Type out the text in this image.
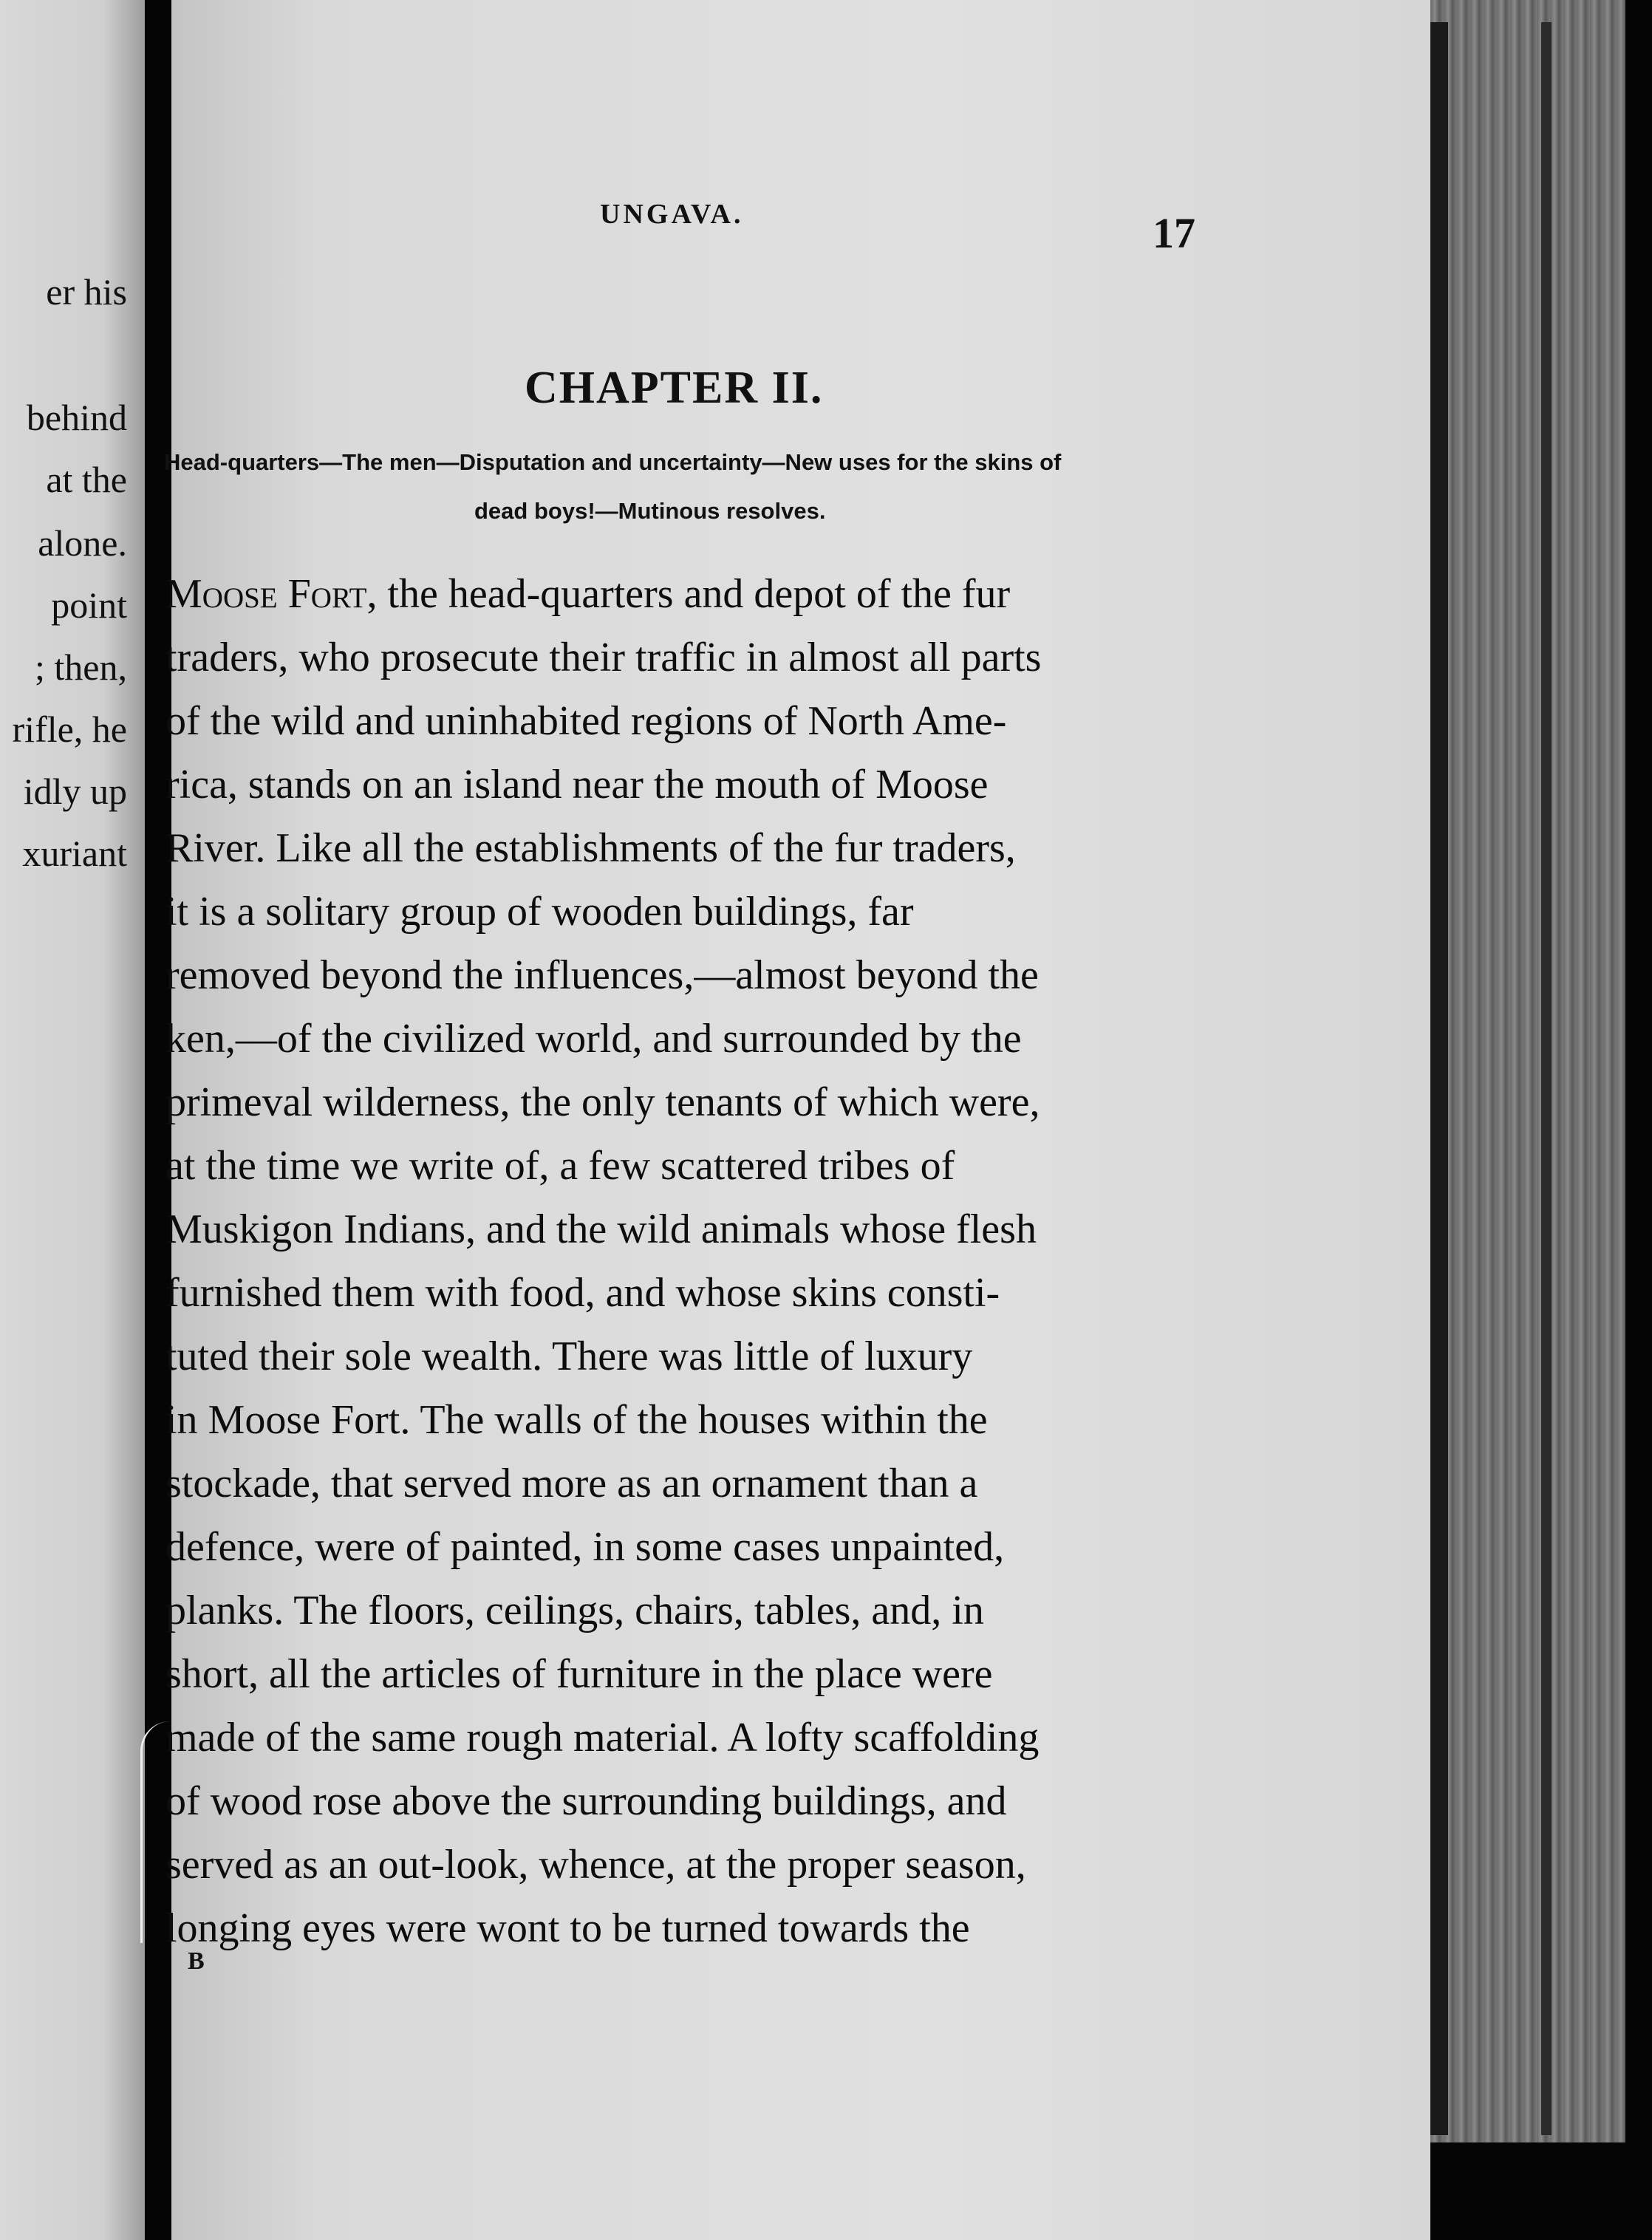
er his

behind

at the

alone.

point

; then,

rifle, he

idly up

xuriant

UNGAVA.	17

CHAPTER II.

Head-quarters—The men—Disputation and uncertainty—New uses for the skins of

dead boys!—Mutinous resolves.

Moose Fort, the head-quarters and depot of the fur

traders, who prosecute their traffic in almost all parts

of the wild and uninhabited regions of North Ame-

rica, stands on an island near the mouth of Moose

River. Like all the establishments of the fur traders,

it is a solitary group of wooden buildings, far

removed beyond the influences,—almost beyond the

ken,—of the civilized world, and surrounded by the

primeval wilderness, the only tenants of which were,

at the time we write of, a few scattered tribes of

Muskigon Indians, and the wild animals whose flesh

furnished them with food, and whose skins consti-

tuted their sole wealth. There was little of luxury

in Moose Fort. The walls of the houses within the

stockade, that served more as an ornament than a

defence, were of painted, in some cases unpainted,

planks. The floors, ceilings, chairs, tables, and, in

short, all the articles of furniture in the place were

made of the same rough material. A lofty scaffolding

of wood rose above the surrounding buildings, and

served as an out-look, whence, at the proper season,

longing eyes were wont to be turned towards the

B
